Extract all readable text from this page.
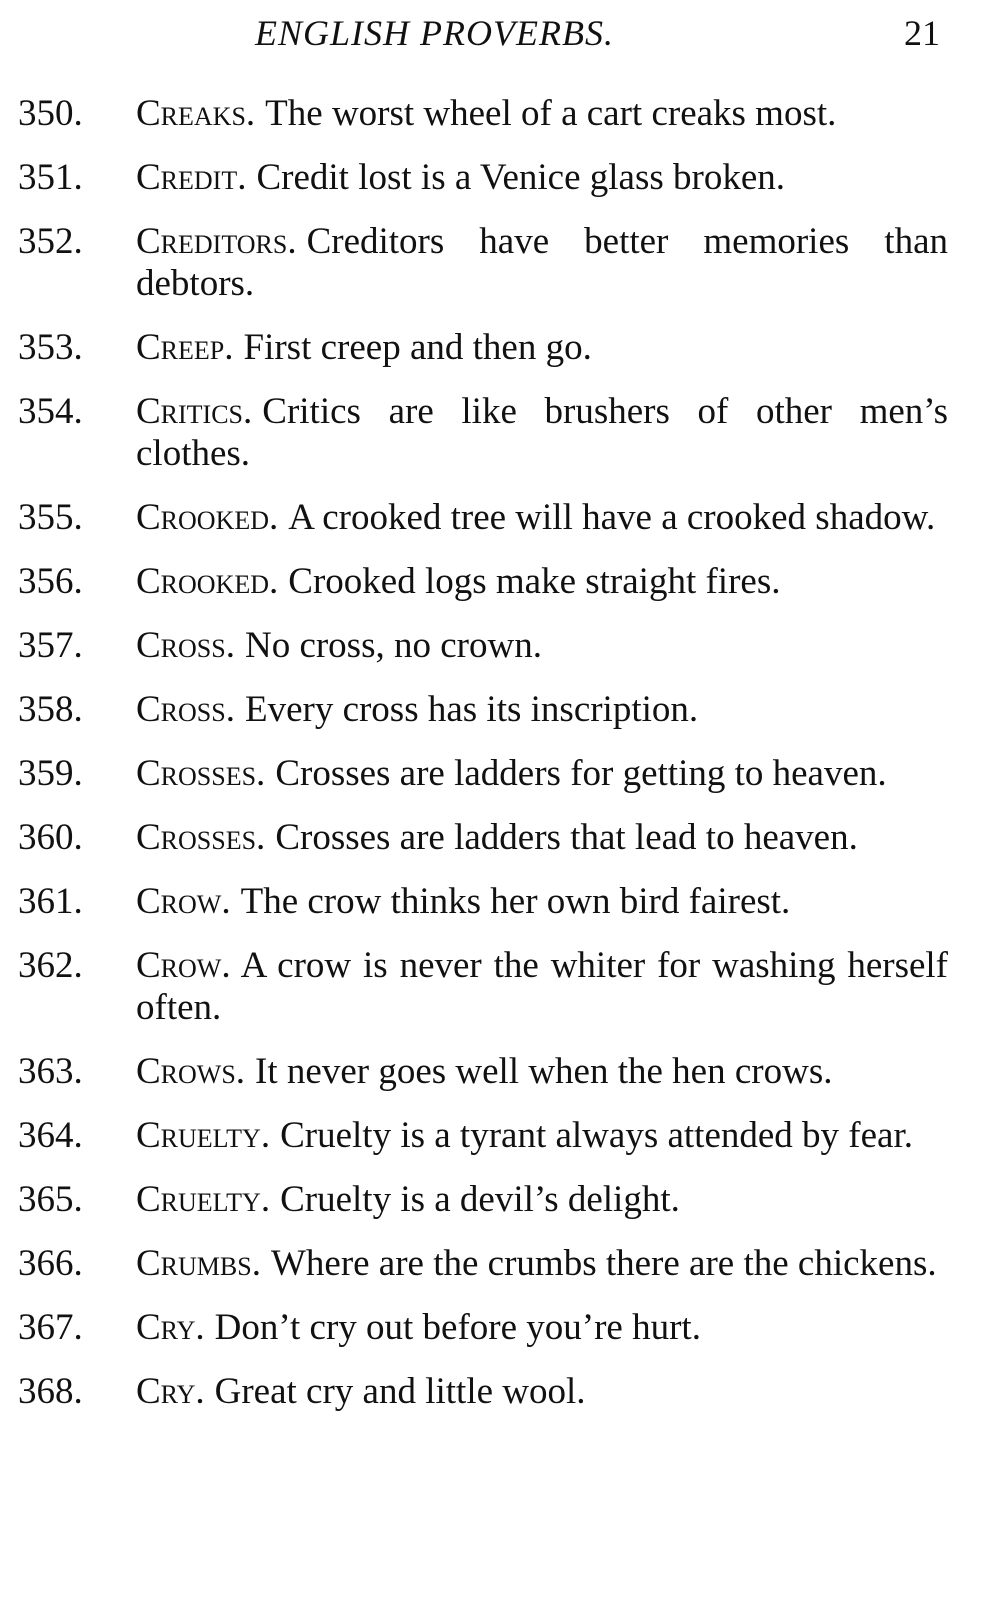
ENGLISH PROVERBS.	21
350.	Creaks. The worst wheel of a cart creaks most.
351.	Credit. Credit lost is a Venice glass broken.
352.	Creditors. Creditors have better memories than debtors.
353.	Creep. First creep and then go.
354.	Critics. Critics are like brushers of other men’s clothes.
355.	Crooked. A crooked tree will have a crooked shadow.
356.	Crooked. Crooked logs make straight fires.
357.	Cross. No cross, no crown.
358.	Cross. Every cross has its inscription.
359.	Crosses. Crosses are ladders for getting to heaven.
360.	Crosses. Crosses are ladders that lead to heaven.
361.	Crow. The crow thinks her own bird fairest.
362.	Crow. A crow is never the whiter for washing herself often.
363.	Crows. It never goes well when the hen crows.
364.	Cruelty. Cruelty is a tyrant always attended by fear.
365.	Cruelty. Cruelty is a devil’s delight.
366.	Crumbs. Where are the crumbs there are the chickens.
367.	Cry. Don’t cry out before you’re hurt.
368.	Cry. Great cry and little wool.
